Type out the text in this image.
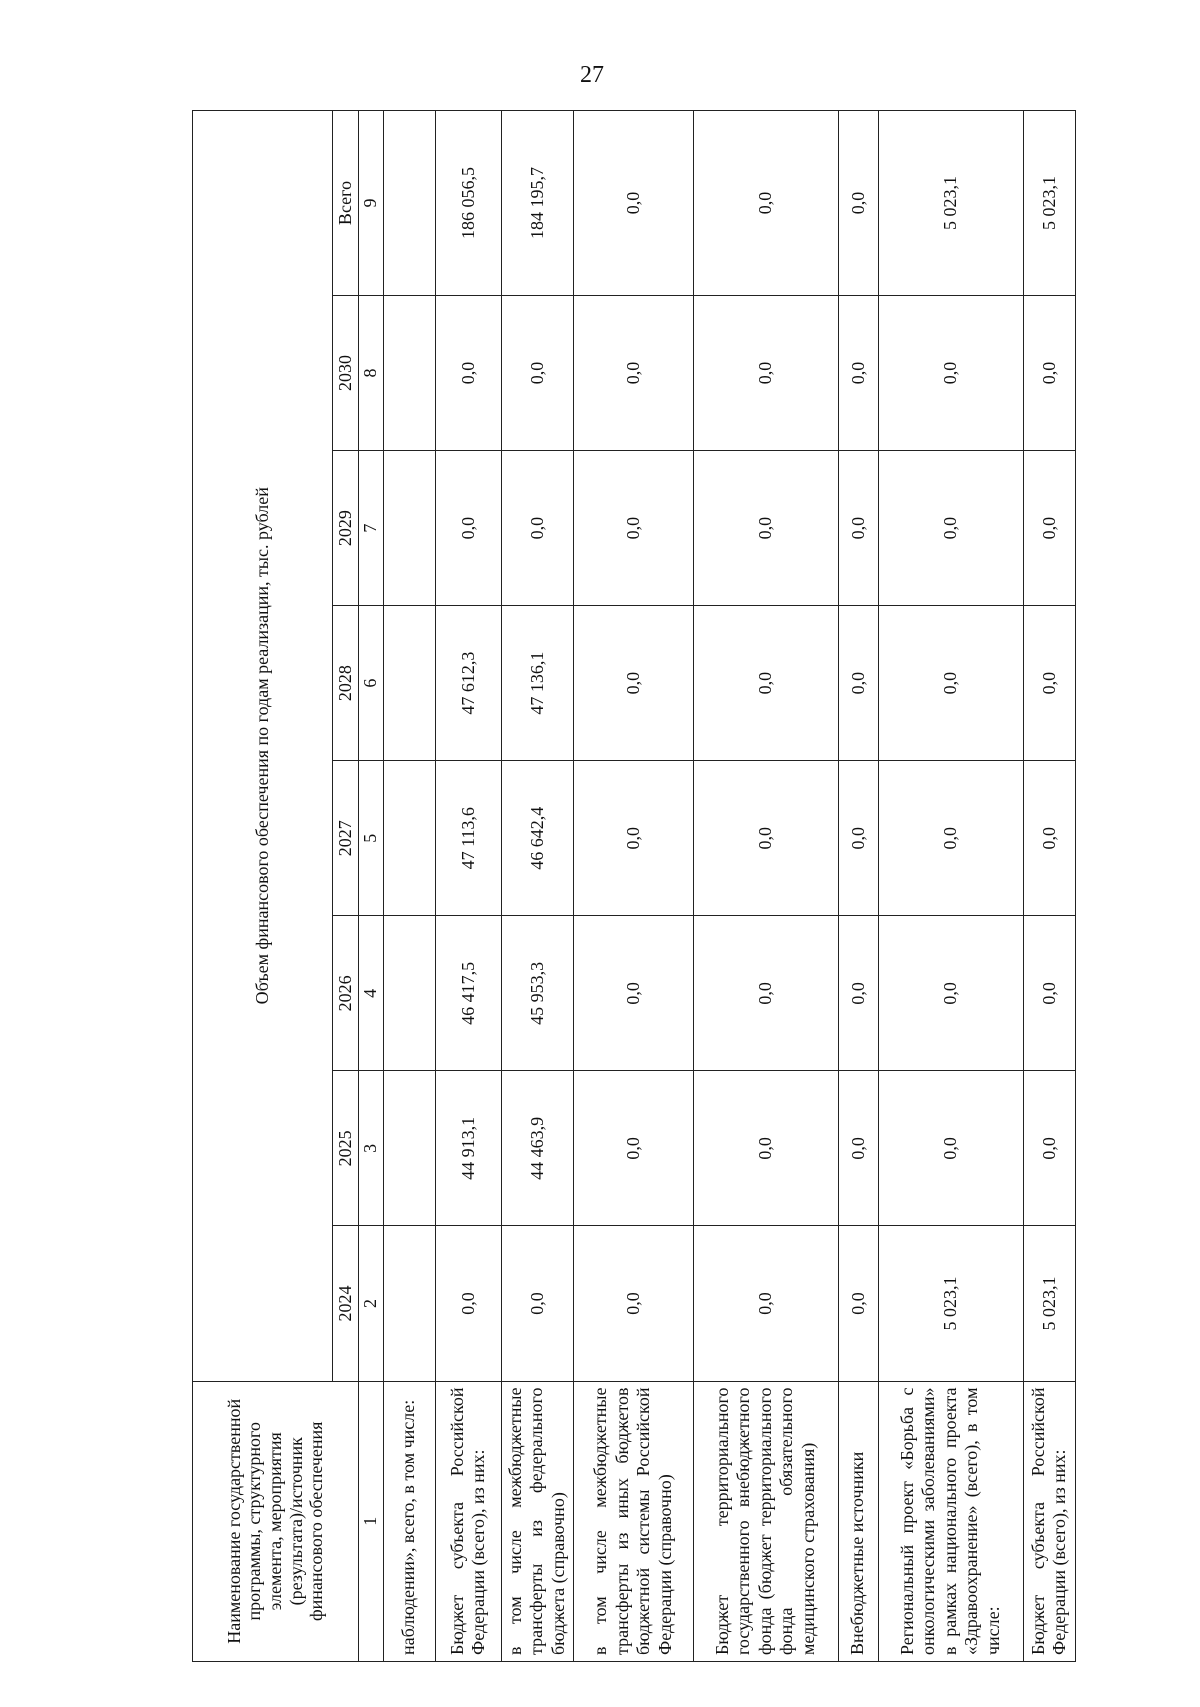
27
Наименование государственной программы, структурного элемента, мероприятия (результата)/источник финансового обеспечения	Объем финансового обеспечения по годам реализации, тыс. рублей							
	2024	2025	2026	2027	2028	2029	2030	Всего
1	2	3	4	5	6	7	8	9
наблюдении», всего, в том числе:								
Бюджет субъекта Российской Федерации (всего), из них:	0,0	44 913,1	46 417,5	47 113,6	47 612,3	0,0	0,0	186 056,5
в том числе межбюджетные трансферты из федерального бюджета (справочно)	0,0	44 463,9	45 953,3	46 642,4	47 136,1	0,0	0,0	184 195,7
в том числе межбюджетные трансферты из иных бюджетов бюджетной системы Российской Федерации (справочно)	0,0	0,0	0,0	0,0	0,0	0,0	0,0	0,0
Бюджет территориального государственного внебюджетного фонда (бюджет территориального фонда обязательного медицинского страхования)	0,0	0,0	0,0	0,0	0,0	0,0	0,0	0,0
Внебюджетные источники	0,0	0,0	0,0	0,0	0,0	0,0	0,0	0,0
Региональный проект «Борьба с онкологическими заболеваниями» в рамках национального проекта «Здравоохранение» (всего), в том числе:	5 023,1	0,0	0,0	0,0	0,0	0,0	0,0	5 023,1
Бюджет субъекта Российской Федерации (всего), из них:	5 023,1	0,0	0,0	0,0	0,0	0,0	0,0	5 023,1
